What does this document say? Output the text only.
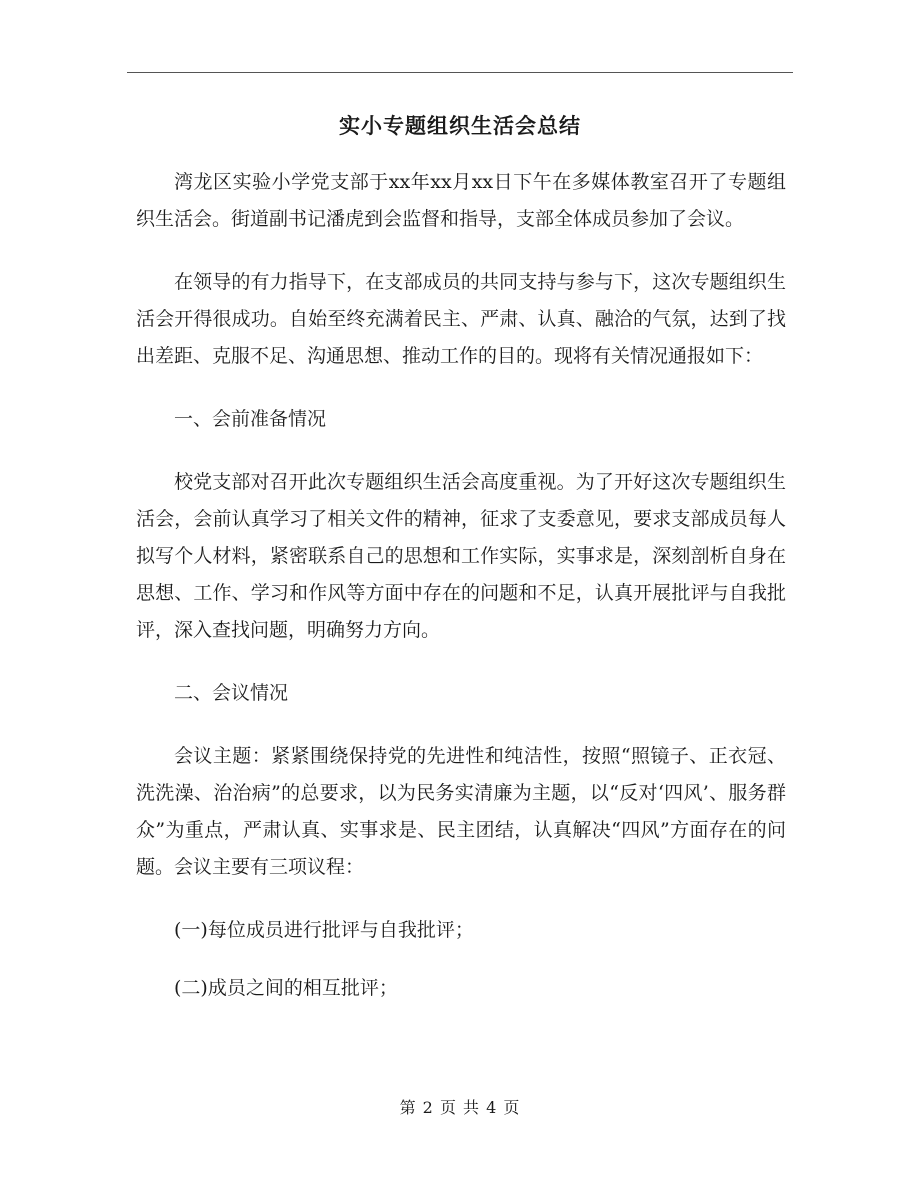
实小专题组织生活会总结

湾龙区实验小学党支部于xx年xx月xx日下午在多媒体教室召开了专题组织生活会。街道副书记潘虎到会监督和指导，支部全体成员参加了会议。

在领导的有力指导下，在支部成员的共同支持与参与下，这次专题组织生活会开得很成功。自始至终充满着民主、严肃、认真、融洽的气氛，达到了找出差距、克服不足、沟通思想、推动工作的目的。现将有关情况通报如下：

一、会前准备情况

校党支部对召开此次专题组织生活会高度重视。为了开好这次专题组织生活会，会前认真学习了相关文件的精神，征求了支委意见，要求支部成员每人拟写个人材料，紧密联系自己的思想和工作实际，实事求是，深刻剖析自身在思想、工作、学习和作风等方面中存在的问题和不足，认真开展批评与自我批评，深入查找问题，明确努力方向。

二、会议情况

会议主题：紧紧围绕保持党的先进性和纯洁性，按照“照镜子、正衣冠、洗洗澡、治治病”的总要求，以为民务实清廉为主题，以“反对‘四风’、服务群众”为重点，严肃认真、实事求是、民主团结，认真解决“四风”方面存在的问题。会议主要有三项议程：

(一)每位成员进行批评与自我批评；

(二)成员之间的相互批评；

第 2 页 共 4 页
